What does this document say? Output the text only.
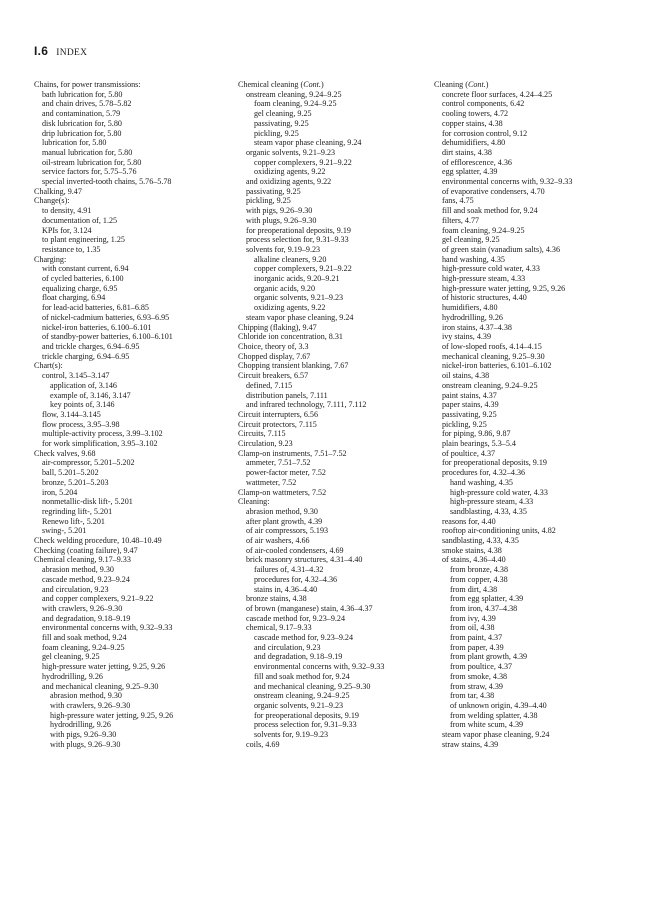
I.6 INDEX
Chains, for power transmissions:
bath lubrication for, 5.80
and chain drives, 5.78–5.82
and contamination, 5.79
disk lubrication for, 5.80
drip lubrication for, 5.80
lubrication for, 5.80
manual lubrication for, 5.80
oil-stream lubrication for, 5.80
service factors for, 5.75–5.76
special inverted-tooth chains, 5.76–5.78
Chalking, 9.47
Change(s):
to density, 4.91
documentation of, 1.25
KPIs for, 3.124
to plant engineering, 1.25
resistance to, 1.35
Charging:
with constant current, 6.94
of cycled batteries, 6.100
equalizing charge, 6.95
float charging, 6.94
for lead-acid batteries, 6.81–6.85
of nickel-cadmium batteries, 6.93–6.95
nickel-iron batteries, 6.100–6.101
of standby-power batteries, 6.100–6.101
and trickle charges, 6.94–6.95
trickle charging, 6.94–6.95
Chart(s):
control, 3.145–3.147
application of, 3.146
example of, 3.146, 3.147
key points of, 3.146
flow, 3.144–3.145
flow process, 3.95–3.98
multiple-activity process, 3.99–3.102
for work simplification, 3.95–3.102
Check valves, 9.68
air-compressor, 5.201–5.202
ball, 5.201–5.202
bronze, 5.201–5.203
iron, 5.204
nonmetallic-disk lift-, 5.201
regrinding lift-, 5.201
Renewo lift-, 5.201
swing-, 5.201
Check welding procedure, 10.48–10.49
Checking (coating failure), 9.47
Chemical cleaning, 9.17–9.33
abrasion method, 9.30
cascade method, 9.23–9.24
and circulation, 9.23
and copper complexers, 9.21–9.22
with crawlers, 9.26–9.30
and degradation, 9.18–9.19
environmental concerns with, 9.32–9.33
fill and soak method, 9.24
foam cleaning, 9.24–9.25
gel cleaning, 9.25
high-pressure water jetting, 9.25, 9.26
hydrodrilling, 9.26
and mechanical cleaning, 9.25–9.30
abrasion method, 9.30
with crawlers, 9.26–9.30
high-pressure water jetting, 9.25, 9.26
hydrodrilling, 9.26
with pigs, 9.26–9.30
with plugs, 9.26–9.30
Chemical cleaning (Cont.)
onstream cleaning, 9.24–9.25
foam cleaning, 9.24–9.25
gel cleaning, 9.25
passivating, 9.25
pickling, 9.25
steam vapor phase cleaning, 9.24
organic solvents, 9.21–9.23
copper complexers, 9.21–9.22
oxidizing agents, 9.22
and oxidizing agents, 9.22
passivating, 9.25
pickling, 9.25
with pigs, 9.26–9.30
with plugs, 9.26–9.30
for preoperational deposits, 9.19
process selection for, 9.31–9.33
solvents for, 9.19–9.23
alkaline cleaners, 9.20
copper complexers, 9.21–9.22
inorganic acids, 9.20–9.21
organic acids, 9.20
organic solvents, 9.21–9.23
oxidizing agents, 9.22
steam vapor phase cleaning, 9.24
Chipping (flaking), 9.47
Chloride ion concentration, 8.31
Choice, theory of, 3.3
Chopped display, 7.67
Chopping transient blanking, 7.67
Circuit breakers, 6.57
defined, 7.115
distribution panels, 7.111
and infrared technology, 7.111, 7.112
Circuit interrupters, 6.56
Circuit protectors, 7.115
Circuits, 7.115
Circulation, 9.23
Clamp-on instruments, 7.51–7.52
ammeter, 7.51–7.52
power-factor meter, 7.52
wattmeter, 7.52
Clamp-on wattmeters, 7.52
Cleaning:
abrasion method, 9.30
after plant growth, 4.39
of air compressors, 5.193
of air washers, 4.66
of air-cooled condensers, 4.69
brick masonry structures, 4.31–4.40
failures of, 4.31–4.32
procedures for, 4.32–4.36
stains in, 4.36–4.40
bronze stains, 4.38
of brown (manganese) stain, 4.36–4.37
cascade method for, 9.23–9.24
chemical, 9.17–9.33
cascade method for, 9.23–9.24
and circulation, 9.23
and degradation, 9.18–9.19
environmental concerns with, 9.32–9.33
fill and soak method for, 9.24
and mechanical cleaning, 9.25–9.30
onstream cleaning, 9.24–9.25
organic solvents, 9.21–9.23
for preoperational deposits, 9.19
process selection for, 9.31–9.33
solvents for, 9.19–9.23
coils, 4.69
Cleaning (Cont.)
concrete floor surfaces, 4.24–4.25
control components, 6.42
cooling towers, 4.72
copper stains, 4.38
for corrosion control, 9.12
dehumidifiers, 4.80
dirt stains, 4.38
of efflorescence, 4.36
egg splatter, 4.39
environmental concerns with, 9.32–9.33
of evaporative condensers, 4.70
fans, 4.75
fill and soak method for, 9.24
filters, 4.77
foam cleaning, 9.24–9.25
gel cleaning, 9.25
of green stain (vanadium salts), 4.36
hand washing, 4.35
high-pressure cold water, 4.33
high-pressure steam, 4.33
high-pressure water jetting, 9.25, 9.26
of historic structures, 4.40
humidifiers, 4.80
hydrodrilling, 9.26
iron stains, 4.37–4.38
ivy stains, 4.39
of low-sloped roofs, 4.14–4.15
mechanical cleaning, 9.25–9.30
nickel-iron batteries, 6.101–6.102
oil stains, 4.38
onstream cleaning, 9.24–9.25
paint stains, 4.37
paper stains, 4.39
passivating, 9.25
pickling, 9.25
for piping, 9.86, 9.87
plain bearings, 5.3–5.4
of poultice, 4.37
for preoperational deposits, 9.19
procedures for, 4.32–4.36
hand washing, 4.35
high-pressure cold water, 4.33
high-pressure steam, 4.33
sandblasting, 4.33, 4.35
reasons for, 4.40
rooftop air-conditioning units, 4.82
sandblasting, 4.33, 4.35
smoke stains, 4.38
of stains, 4.36–4.40
from bronze, 4.38
from copper, 4.38
from dirt, 4.38
from egg splatter, 4.39
from iron, 4.37–4.38
from ivy, 4.39
from oil, 4.38
from paint, 4.37
from paper, 4.39
from plant growth, 4.39
from poultice, 4.37
from smoke, 4.38
from straw, 4.39
from tar, 4.38
of unknown origin, 4.39–4.40
from welding splatter, 4.38
from white scum, 4.39
steam vapor phase cleaning, 9.24
straw stains, 4.39
